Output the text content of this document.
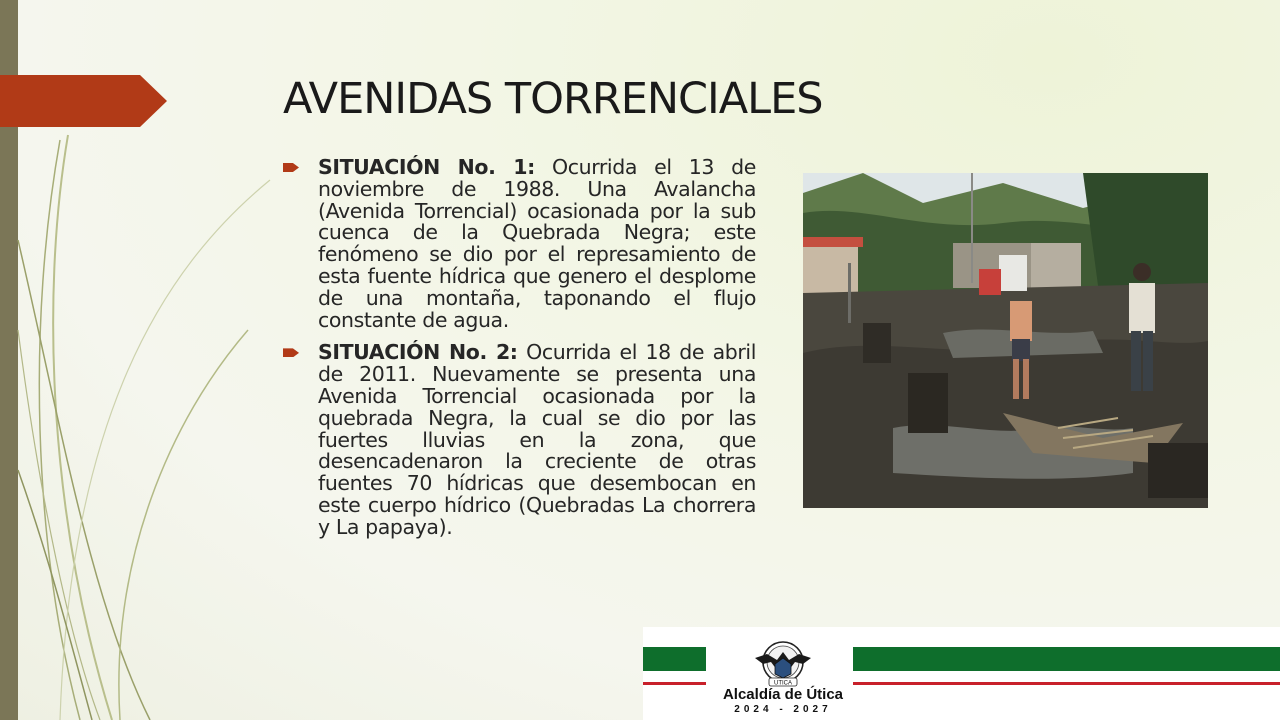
AVENIDAS TORRENCIALES

SITUACIÓN No. 1: Ocurrida el 13 de noviembre de 1988. Una Avalancha (Avenida Torrencial) ocasionada por la sub cuenca de la Quebrada Negra; este fenómeno se dio por el represamiento de esta fuente hídrica que genero el desplome de una montaña, taponando el flujo constante de agua.

SITUACIÓN No. 2: Ocurrida el 18 de abril de 2011. Nuevamente se presenta una Avenida Torrencial ocasionada por la quebrada Negra, la cual se dio por las fuertes lluvias en la zona, que desencadenaron la creciente de otras fuentes 70 hídricas que desembocan en este cuerpo hídrico (Quebradas La chorrera y La papaya).

UTICA
Alcaldía de Útica
2024 - 2027
